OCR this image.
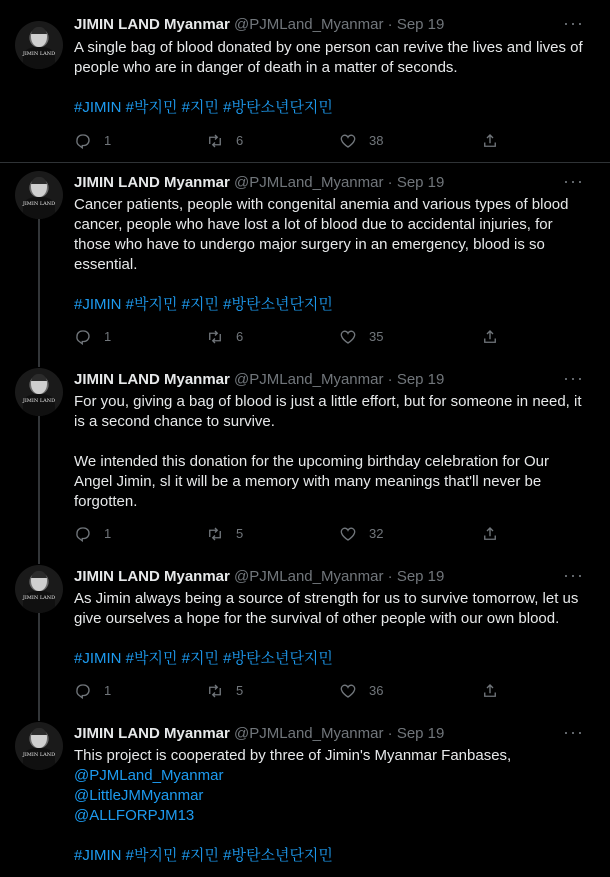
JIMIN LAND
JIMIN LAND Myanmar @PJMLand_Myanmar · Sep 19	···

A single bag of blood donated by one person can revive the lives and lives of people who are in danger of death in a matter of seconds.

#JIMIN #박지민 #지민 #방탄소년단지민

1	6	38
JIMIN LAND
JIMIN LAND Myanmar @PJMLand_Myanmar · Sep 19	···

Cancer patients, people with congenital anemia and various types of blood cancer, people who have lost a lot of blood due to accidental injuries, for those who have to undergo major surgery in an emergency, blood is so essential.

#JIMIN #박지민 #지민 #방탄소년단지민

1	6	35
JIMIN LAND
JIMIN LAND Myanmar @PJMLand_Myanmar · Sep 19	···

For you, giving a bag of blood is just a little effort, but for someone in need, it is a second chance to survive.

We intended this donation for the upcoming birthday celebration for Our Angel Jimin, sl it will be a memory with many meanings that'll never be forgotten.

1	5	32
JIMIN LAND
JIMIN LAND Myanmar @PJMLand_Myanmar · Sep 19	···

As Jimin always being a source of strength for us to survive tomorrow, let us give ourselves a hope for the survival of other people with our own blood.

#JIMIN #박지민 #지민 #방탄소년단지민

1	5	36
JIMIN LAND
JIMIN LAND Myanmar @PJMLand_Myanmar · Sep 19	···

This project is cooperated by three of Jimin's Myanmar Fanbases,

@PJMLand_Myanmar

@LittleJMMyanmar

@ALLFORPJM13

#JIMIN #박지민 #지민 #방탄소년단지민
